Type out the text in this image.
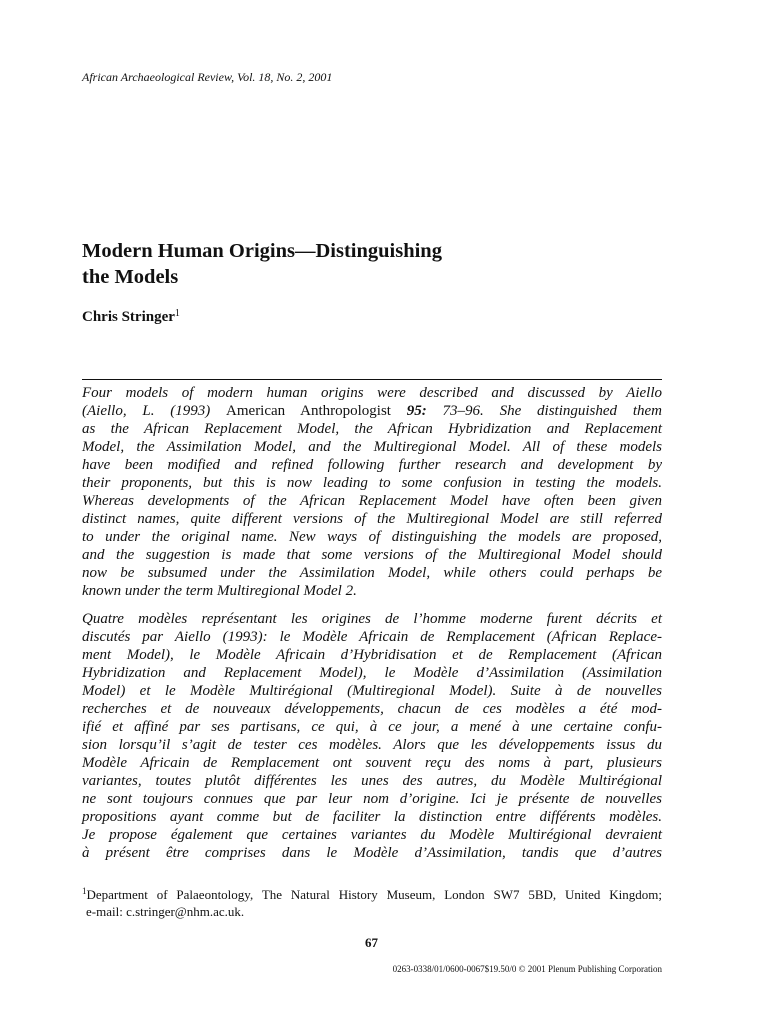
African Archaeological Review, Vol. 18, No. 2, 2001
Modern Human Origins—Distinguishing
the Models
Chris Stringer$^1$
Four models of modern human origins were described and discussed by Aiello
(Aiello, L. (1993) American Anthropologist 95: 73–96. She distinguished them
as the African Replacement Model, the African Hybridization and Replacement
Model, the Assimilation Model, and the Multiregional Model. All of these models
have been modified and refined following further research and development by
their proponents, but this is now leading to some confusion in testing the models.
Whereas developments of the African Replacement Model have often been given
distinct names, quite different versions of the Multiregional Model are still referred
to under the original name. New ways of distinguishing the models are proposed,
and the suggestion is made that some versions of the Multiregional Model should
now be subsumed under the Assimilation Model, while others could perhaps be
known under the term Multiregional Model 2.
Quatre modèles représentant les origines de l’homme moderne furent décrits et
discutés par Aiello (1993): le Modèle Africain de Remplacement (African Replace-
ment Model), le Modèle Africain d’Hybridisation et de Remplacement (African
Hybridization and Replacement Model), le Modèle d’Assimilation (Assimilation
Model) et le Modèle Multirégional (Multiregional Model). Suite à de nouvelles
recherches et de nouveaux développements, chacun de ces modèles a été mod-
ifié et affiné par ses partisans, ce qui, à ce jour, a mené à une certaine confu-
sion lorsqu’il s’agit de tester ces modèles. Alors que les développements issus du
Modèle Africain de Remplacement ont souvent reçu des noms à part, plusieurs
variantes, toutes plutôt différentes les unes des autres, du Modèle Multirégional
ne sont toujours connues que par leur nom d’origine. Ici je présente de nouvelles
propositions ayant comme but de faciliter la distinction entre différents modèles.
Je propose également que certaines variantes du Modèle Multirégional devraient
à présent être comprises dans le Modèle d’Assimilation, tandis que d’autres
$^1$Department of Palaeontology, The Natural History Museum, London SW7 5BD, United Kingdom;
e-mail: c.stringer@nhm.ac.uk.
67
0263-0338/01/0600-0067$19.50/0 © 2001 Plenum Publishing Corporation
